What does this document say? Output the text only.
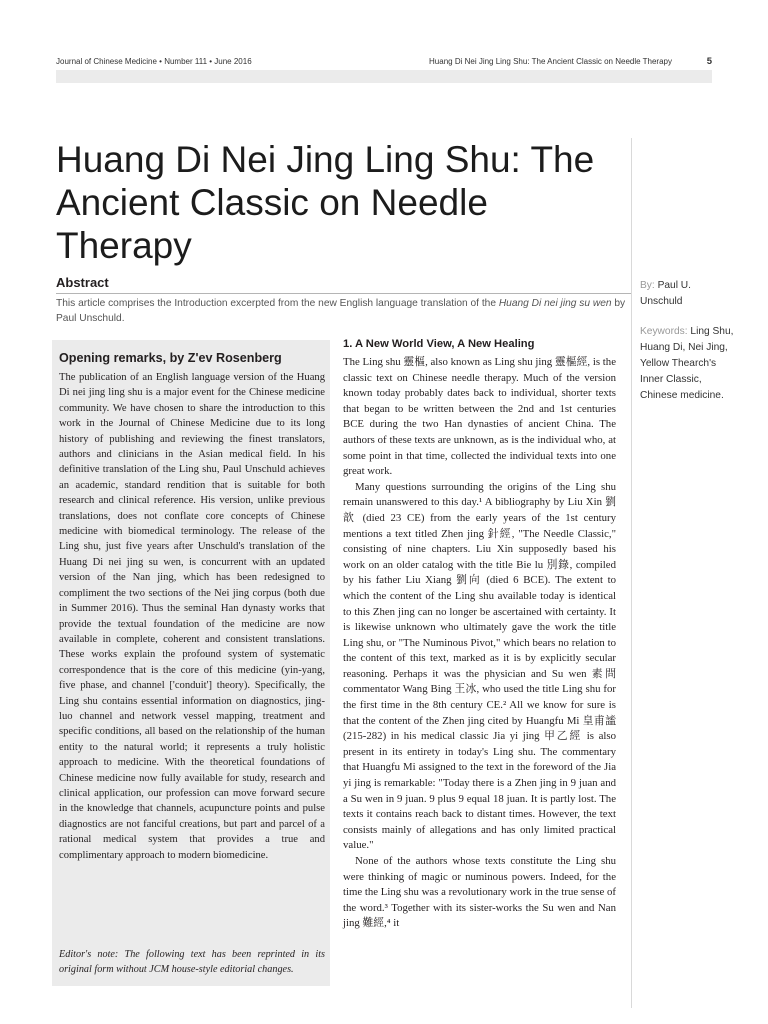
Journal of Chinese Medicine • Number 111 • June 2016	Huang Di Nei Jing Ling Shu: The Ancient Classic on Needle Therapy	5
Huang Di Nei Jing Ling Shu: The Ancient Classic on Needle Therapy
Abstract
This article comprises the Introduction excerpted from the new English language translation of the Huang Di nei jing su wen by Paul Unschuld.
By: Paul U. Unschuld
Keywords: Ling Shu, Huang Di, Nei Jing, Yellow Thearch's Inner Classic, Chinese medicine.
Opening remarks, by Z'ev Rosenberg

The publication of an English language version of the Huang Di nei jing ling shu is a major event for the Chinese medicine community. We have chosen to share the introduction to this work in the Journal of Chinese Medicine due to its long history of publishing and reviewing the finest translators, authors and clinicians in the Asian medical field. In his definitive translation of the Ling shu, Paul Unschuld achieves an academic, standard rendition that is suitable for both research and clinical reference. His version, unlike previous translations, does not conflate core concepts of Chinese medicine with biomedical terminology. The release of the Ling shu, just five years after Unschuld's translation of the Huang Di nei jing su wen, is concurrent with an updated version of the Nan jing, which has been redesigned to compliment the two sections of the Nei jing corpus (both due in Summer 2016). Thus the seminal Han dynasty works that provide the textual foundation of the medicine are now available in complete, coherent and consistent translations. These works explain the profound system of systematic correspondence that is the core of this medicine (yin-yang, five phase, and channel ['conduit'] theory). Specifically, the Ling shu contains essential information on diagnostics, jing-luo channel and network vessel mapping, treatment and specific conditions, all based on the relationship of the human entity to the natural world; it represents a truly holistic approach to medicine. With the theoretical foundations of Chinese medicine now fully available for study, research and clinical application, our profession can move forward secure in the knowledge that channels, acupuncture points and pulse diagnostics are not fanciful creations, but part and parcel of a rational medical system that provides a true and complimentary approach to modern biomedicine.

Editor's note: The following text has been reprinted in its original form without JCM house-style editorial changes.

1. A New World View, A New Healing

The Ling shu 靈樞, also known as Ling shu jing 靈樞經, is the classic text on Chinese needle therapy. Much of the version known today probably dates back to individual, shorter texts that began to be written between the 2nd and 1st centuries BCE during the two Han dynasties of ancient China. The authors of these texts are unknown, as is the individual who, at some point in that time, collected the individual texts into one great work.

Many questions surrounding the origins of the Ling shu remain unanswered to this day.¹ A bibliography by Liu Xin 劉歆 (died 23 CE) from the early years of the 1st century mentions a text titled Zhen jing 針經, "The Needle Classic," consisting of nine chapters. Liu Xin supposedly based his work on an older catalog with the title Bie lu 別錄, compiled by his father Liu Xiang 劉向 (died 6 BCE). The extent to which the content of the Ling shu available today is identical to this Zhen jing can no longer be ascertained with certainty. It is likewise unknown who ultimately gave the work the title Ling shu, or "The Numinous Pivot," which bears no relation to the content of this text, marked as it is by explicitly secular reasoning. Perhaps it was the physician and Su wen 素問 commentator Wang Bing 王冰, who used the title Ling shu for the first time in the 8th century CE.² All we know for sure is that the content of the Zhen jing cited by Huangfu Mi 皇甫謐 (215-282) in his medical classic Jia yi jing 甲乙經 is also present in its entirety in today's Ling shu. The commentary that Huangfu Mi assigned to the text in the foreword of the Jia yi jing is remarkable: "Today there is a Zhen jing in 9 juan and a Su wen in 9 juan. 9 plus 9 equal 18 juan. It is partly lost. The texts it contains reach back to distant times. However, the text consists mainly of allegations and has only limited practical value."

None of the authors whose texts constitute the Ling shu were thinking of magic or numinous powers. Indeed, for the time the Ling shu was a revolutionary work in the true sense of the word.³ Together with its sister-works the Su wen and Nan jing 難經,⁴ it
